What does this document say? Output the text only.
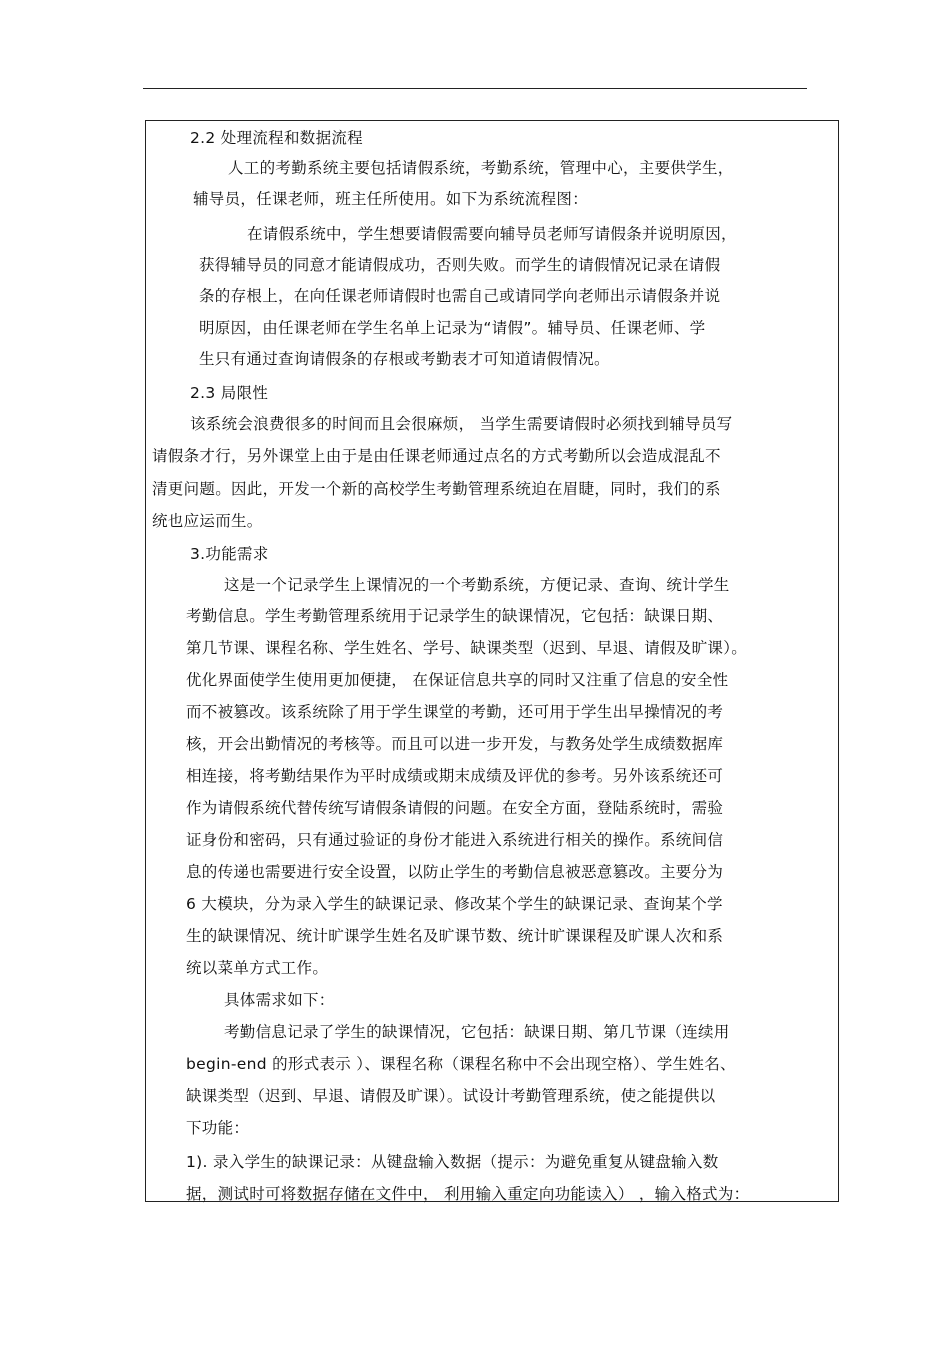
2.2 处理流程和数据流程
人工的考勤系统主要包括请假系统，考勤系统，管理中心，主要供学生，
辅导员，任课老师，班主任所使用。如下为系统流程图：
在请假系统中，学生想要请假需要向辅导员老师写请假条并说明原因，
获得辅导员的同意才能请假成功，否则失败。而学生的请假情况记录在请假
条的存根上，在向任课老师请假时也需自己或请同学向老师出示请假条并说
明原因，由任课老师在学生名单上记录为“请假”。辅导员、任课老师、学
生只有通过查询请假条的存根或考勤表才可知道请假情况。
2.3 局限性
该系统会浪费很多的时间而且会很麻烦， 当学生需要请假时必须找到辅导员写
请假条才行，另外课堂上由于是由任课老师通过点名的方式考勤所以会造成混乱不
清更问题。因此，开发一个新的高校学生考勤管理系统迫在眉睫，同时，我们的系
统也应运而生。
3.功能需求
这是一个记录学生上课情况的一个考勤系统，方便记录、查询、统计学生
考勤信息。学生考勤管理系统用于记录学生的缺课情况，它包括：缺课日期、
第几节课、课程名称、学生姓名、学号、缺课类型（迟到、早退、请假及旷课）。
优化界面使学生使用更加便捷， 在保证信息共享的同时又注重了信息的安全性
而不被篡改。该系统除了用于学生课堂的考勤，还可用于学生出早操情况的考
核，开会出勤情况的考核等。而且可以进一步开发，与教务处学生成绩数据库
相连接，将考勤结果作为平时成绩或期末成绩及评优的参考。另外该系统还可
作为请假系统代替传统写请假条请假的问题。在安全方面，登陆系统时，需验
证身份和密码，只有通过验证的身份才能进入系统进行相关的操作。系统间信
息的传递也需要进行安全设置，以防止学生的考勤信息被恶意篡改。主要分为
6 大模块，分为录入学生的缺课记录、修改某个学生的缺课记录、查询某个学
生的缺课情况、统计旷课学生姓名及旷课节数、统计旷课课程及旷课人次和系
统以菜单方式工作。
具体需求如下：
考勤信息记录了学生的缺课情况，它包括：缺课日期、第几节课（连续用
begin-end 的形式表示 ）、课程名称（课程名称中不会出现空格）、学生姓名、
缺课类型（迟到、早退、请假及旷课）。试设计考勤管理系统，使之能提供以
下功能：
1). 录入学生的缺课记录：从键盘输入数据（提示：为避免重复从键盘输入数
据，测试时可将数据存储在文件中， 利用输入重定向功能读入） ，输入格式为：
